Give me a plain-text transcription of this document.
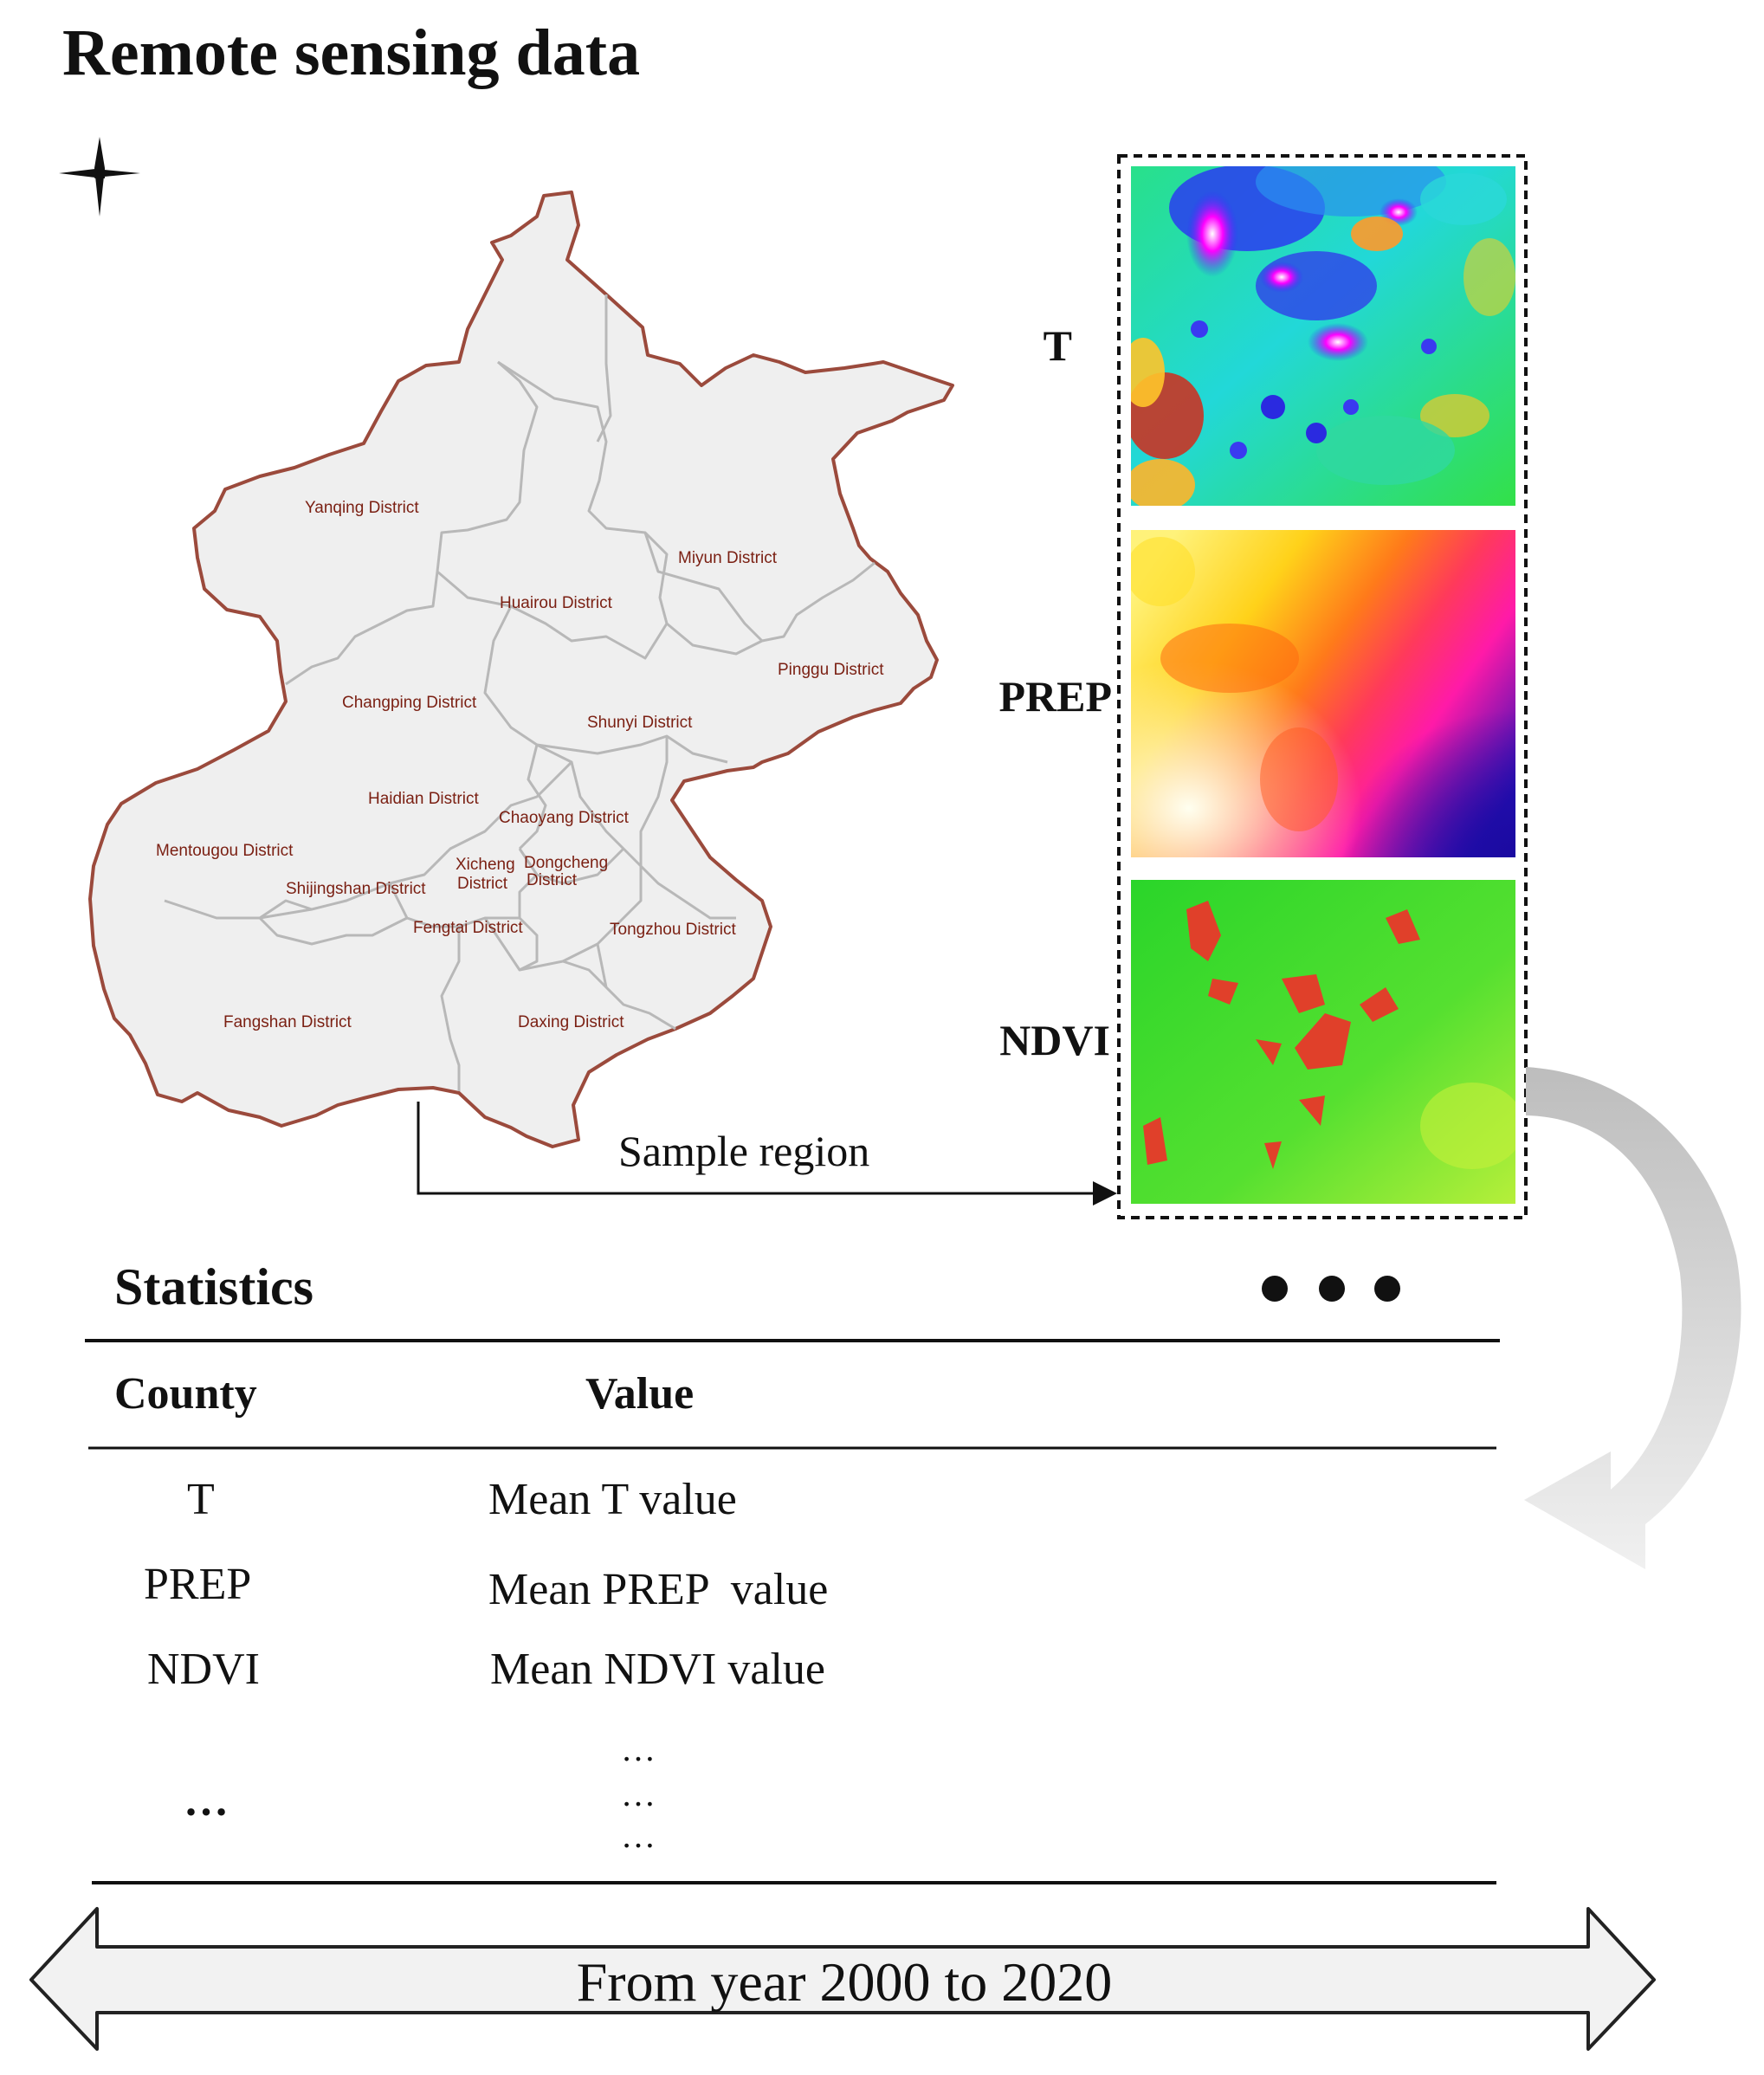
Yanqing District
Miyun District
Huairou District
Pinggu District
Changping District
Shunyi District
Haidian District
Chaoyang District
Mentougou District
Xicheng
District
Dongcheng
District
Shijingshan District
Fengtai District	Tongzhou District
Fangshan District	Daxing District
Remote sensing data
T
PREP
NDVI
Sample region
Statistics
County	Value
T	Mean T value
PREP	Mean PREP  value
NDVI	Mean NDVI value
…
…
…
…
From year 2000 to 2020
